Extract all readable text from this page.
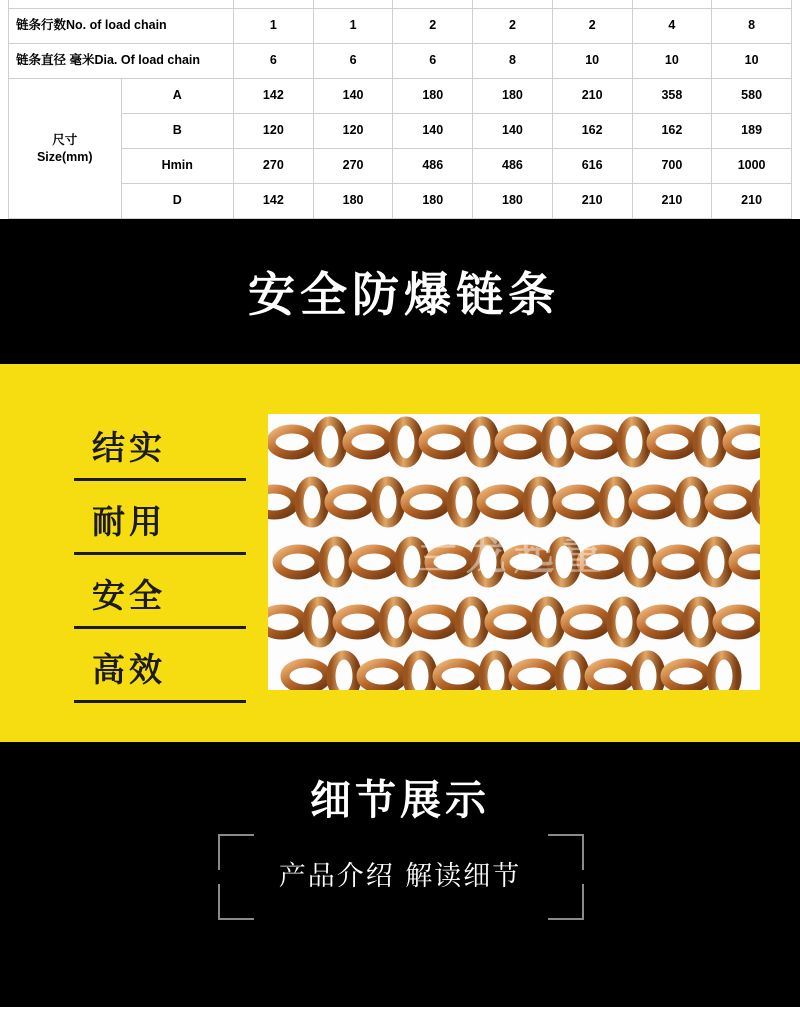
链条行数No. of load chain		1	1	2	2	2	4	8
链条直径 毫米Dia. Of load chain		6	6	6	8	10	10	10

尺寸
Size(mm)	A	142	140	180	180	210	358	580
	B	120	120	140	140	162	162	189
	Hmin	270	270	486	486	616	700	1000
	D	142	180	180	180	210	210	210
安全防爆链条
结实
耐用
安全
高效
兰龙起重
细节展示
产品介绍 解读细节
